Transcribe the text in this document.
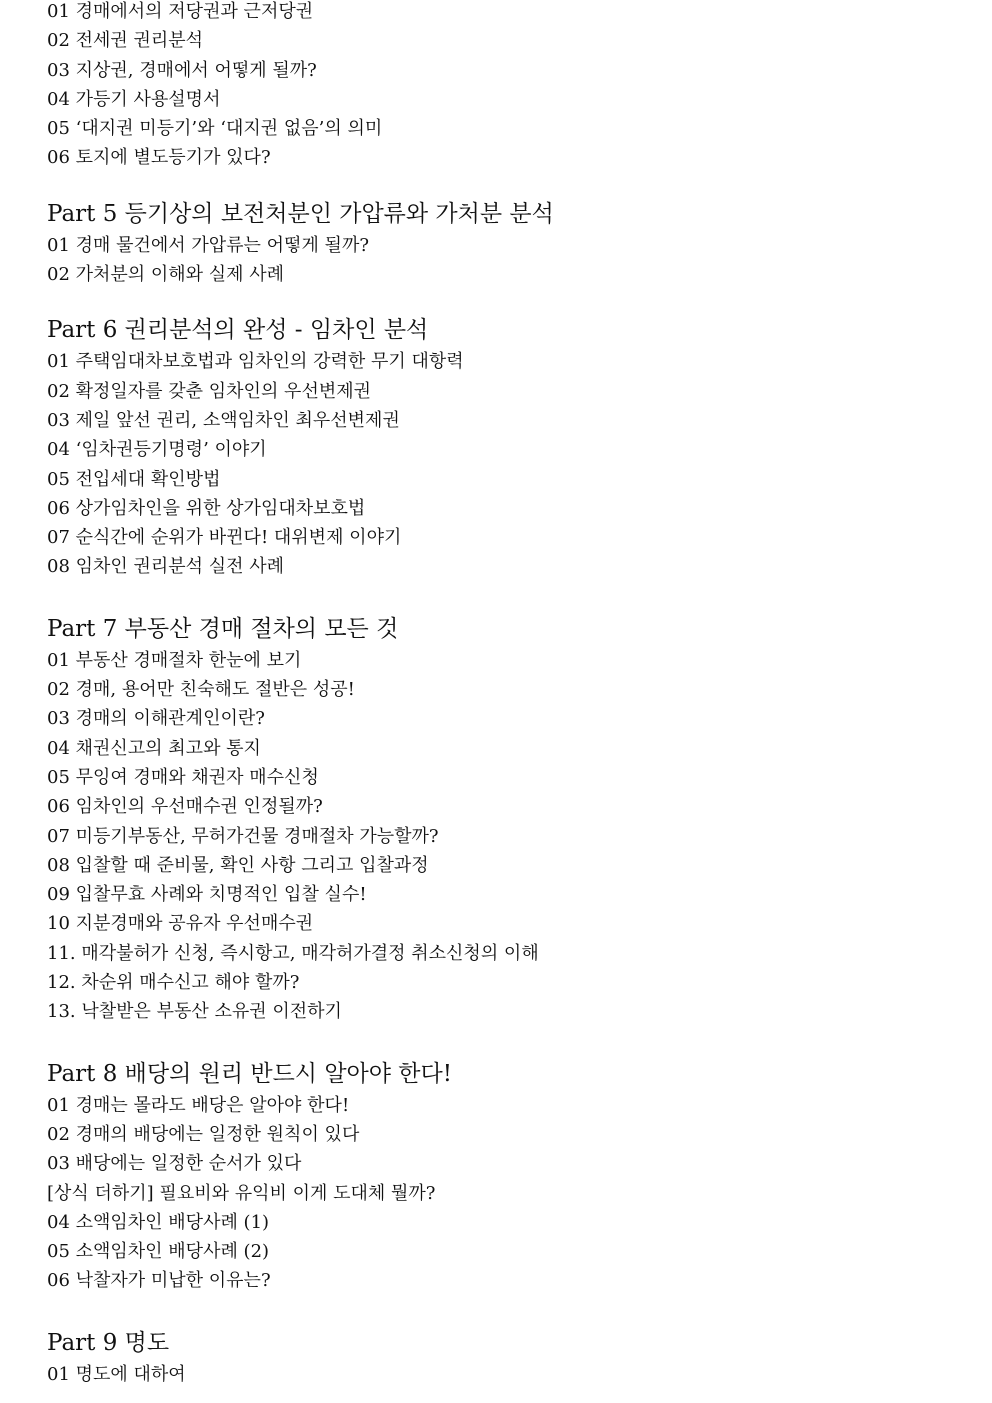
01 경매에서의 저당권과 근저당권
02 전세권 권리분석
03 지상권, 경매에서 어떻게 될까?
04 가등기 사용설명서
05 ‘대지권 미등기’와 ‘대지권 없음’의 의미
06 토지에 별도등기가 있다?
Part 5 등기상의 보전처분인 가압류와 가처분 분석
01 경매 물건에서 가압류는 어떻게 될까?
02 가처분의 이해와 실제 사례
Part 6 권리분석의 완성 - 임차인 분석
01 주택임대차보호법과 임차인의 강력한 무기 대항력
02 확정일자를 갖춘 임차인의 우선변제권
03 제일 앞선 권리, 소액임차인 최우선변제권
04 ‘임차권등기명령’ 이야기
05 전입세대 확인방법
06 상가임차인을 위한 상가임대차보호법
07 순식간에 순위가 바뀐다! 대위변제 이야기
08 임차인 권리분석 실전 사례
Part 7 부동산 경매 절차의 모든 것
01 부동산 경매절차 한눈에 보기
02 경매, 용어만 친숙해도 절반은 성공!
03 경매의 이해관계인이란?
04 채권신고의 최고와 통지
05 무잉여 경매와 채권자 매수신청
06 임차인의 우선매수권 인정될까?
07 미등기부동산, 무허가건물 경매절차 가능할까?
08 입찰할 때 준비물, 확인 사항 그리고 입찰과정
09 입찰무효 사례와 치명적인 입찰 실수!
10 지분경매와 공유자 우선매수권
11. 매각불허가 신청, 즉시항고, 매각허가결정 취소신청의 이해
12. 차순위 매수신고 해야 할까?
13. 낙찰받은 부동산 소유권 이전하기
Part 8 배당의 원리 반드시 알아야 한다!
01 경매는 몰라도 배당은 알아야 한다!
02 경매의 배당에는 일정한 원칙이 있다
03 배당에는 일정한 순서가 있다
[상식 더하기] 필요비와 유익비 이게 도대체 뭘까?
04 소액임차인 배당사례 (1)
05 소액임차인 배당사례 (2)
06 낙찰자가 미납한 이유는?
Part 9 명도
01 명도에 대하여
